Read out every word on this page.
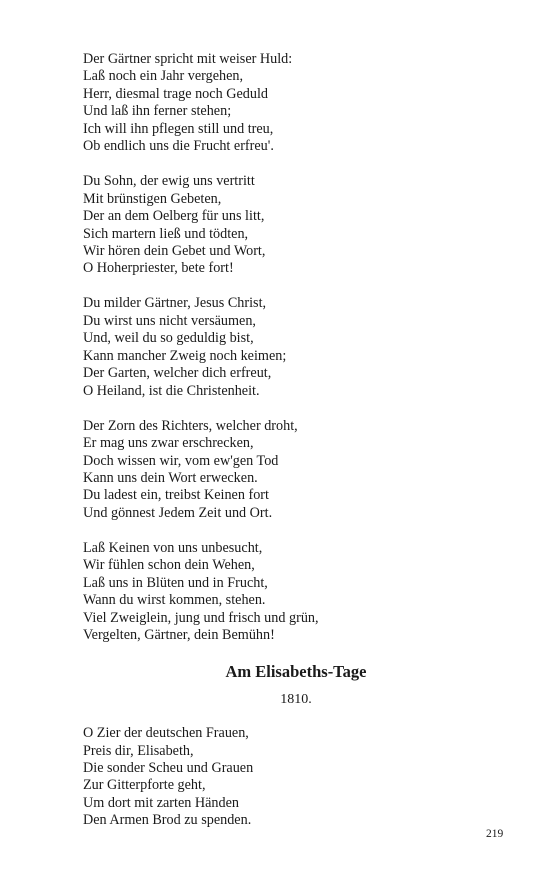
Der Gärtner spricht mit weiser Huld:
Laß noch ein Jahr vergehen,
Herr, diesmal trage noch Geduld
Und laß ihn ferner stehen;
Ich will ihn pflegen still und treu,
Ob endlich uns die Frucht erfreu'.
Du Sohn, der ewig uns vertritt
Mit brünstigen Gebeten,
Der an dem Oelberg für uns litt,
Sich martern ließ und tödten,
Wir hören dein Gebet und Wort,
O Hoherpriester, bete fort!
Du milder Gärtner, Jesus Christ,
Du wirst uns nicht versäumen,
Und, weil du so geduldig bist,
Kann mancher Zweig noch keimen;
Der Garten, welcher dich erfreut,
O Heiland, ist die Christenheit.
Der Zorn des Richters, welcher droht,
Er mag uns zwar erschrecken,
Doch wissen wir, vom ew'gen Tod
Kann uns dein Wort erwecken.
Du ladest ein, treibst Keinen fort
Und gönnest Jedem Zeit und Ort.
Laß Keinen von uns unbesucht,
Wir fühlen schon dein Wehen,
Laß uns in Blüten und in Frucht,
Wann du wirst kommen, stehen.
Viel Zweiglein, jung und frisch und grün,
Vergelten, Gärtner, dein Bemühn!
Am Elisabeths-Tage
1810.
O Zier der deutschen Frauen,
Preis dir, Elisabeth,
Die sonder Scheu und Grauen
Zur Gitterpforte geht,
Um dort mit zarten Händen
Den Armen Brod zu spenden.
219
